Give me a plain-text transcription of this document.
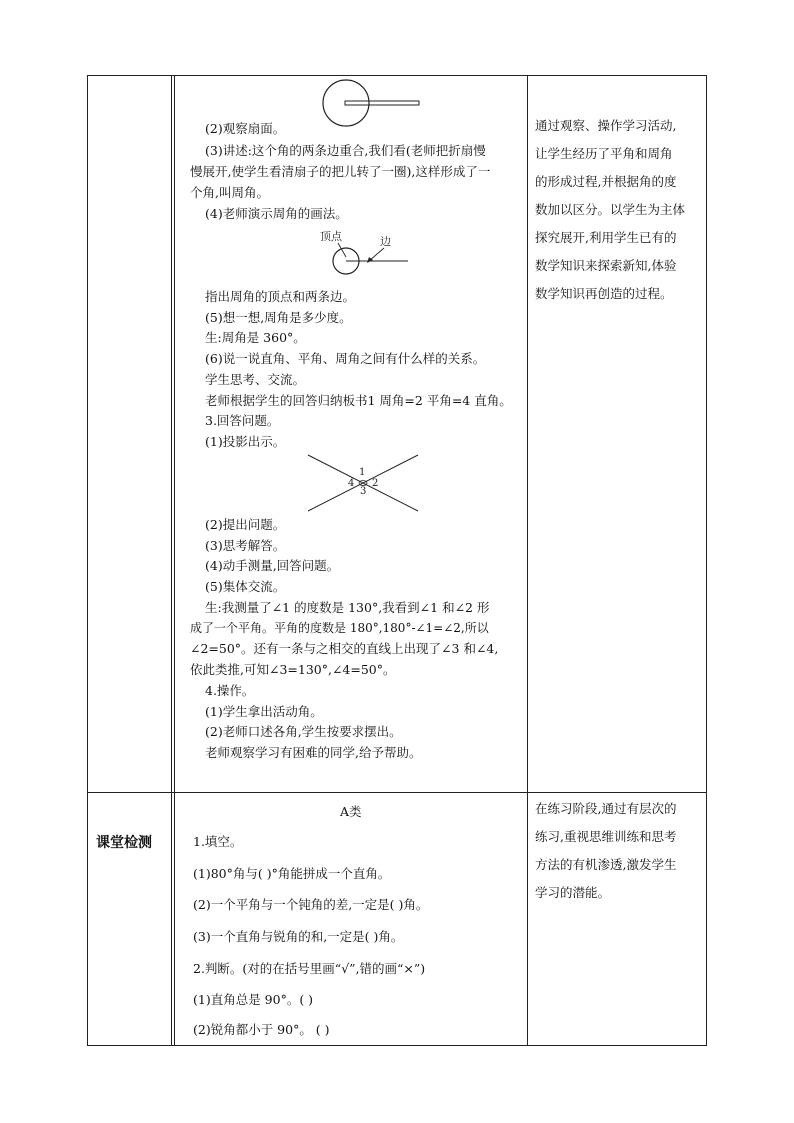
(2)观察扇面。
(3)讲述:这个角的两条边重合,我们看(老师把折扇慢
慢展开,使学生看清扇子的把儿转了一圈),这样形成了一
个角,叫周角。
(4)老师演示周角的画法。
顶点	边
指出周角的顶点和两条边。
(5)想一想,周角是多少度。
生:周角是 360°。
(6)说一说直角、平角、周角之间有什么样的关系。
学生思考、交流。
老师根据学生的回答归纳板书1 周角=2 平角=4 直角。
3.回答问题。
(1)投影出示。
1
2
3
4
(2)提出问题。
(3)思考解答。
(4)动手测量,回答问题。
(5)集体交流。
生:我测量了∠1 的度数是 130°,我看到∠1 和∠2 形
成了一个平角。平角的度数是 180°,180°-∠1=∠2,所以
∠2=50°。还有一条与之相交的直线上出现了∠3 和∠4,
依此类推,可知∠3=130°,∠4=50°。
4.操作。
(1)学生拿出活动角。
(2)老师口述各角,学生按要求摆出。
老师观察学习有困难的同学,给予帮助。
通过观察、操作学习活动,
让学生经历了平角和周角
的形成过程,并根据角的度
数加以区分。以学生为主体
探究展开,利用学生已有的
数学知识来探索新知,体验
数学知识再创造的过程。
课堂检测
A类
1.填空。
(1)80°角与( )°角能拼成一个直角。
(2)一个平角与一个钝角的差,一定是( )角。
(3)一个直角与锐角的和,一定是( )角。
2.判断。(对的在括号里画“√”,错的画“×”)
(1)直角总是 90°。( )
(2)锐角都小于 90°。 ( )
在练习阶段,通过有层次的
练习,重视思维训练和思考
方法的有机渗透,激发学生
学习的潜能。
